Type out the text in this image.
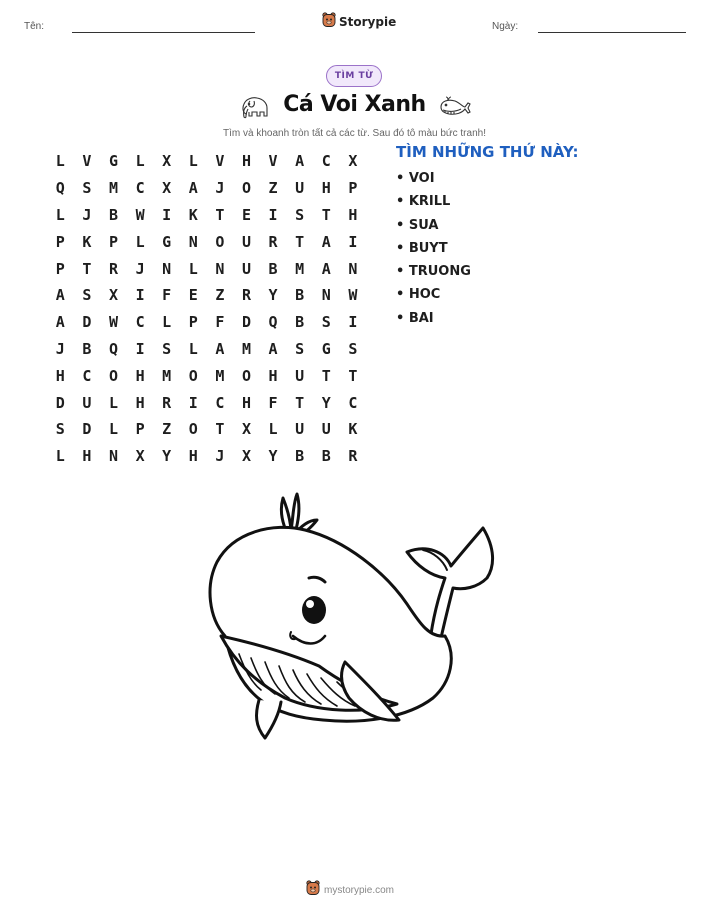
Tên:	Storypie	Ngày:
TÌM TỪ
Cá Voi Xanh
Tìm và khoanh tròn tất cả các từ. Sau đó tô màu bức tranh!
L	V	G	L	X	L	V	H	V	A	C	X
Q	S	M	C	X	A	J	O	Z	U	H	P
L	J	B	W	I	K	T	E	I	S	T	H
P	K	P	L	G	N	O	U	R	T	A	I
P	T	R	J	N	L	N	U	B	M	A	N
A	S	X	I	F	E	Z	R	Y	B	N	W
A	D	W	C	L	P	F	D	Q	B	S	I
J	B	Q	I	S	L	A	M	A	S	G	S
H	C	O	H	M	O	M	O	H	U	T	T
D	U	L	H	R	I	C	H	F	T	Y	C
S	D	L	P	Z	O	T	X	L	U	U	K
L	H	N	X	Y	H	J	X	Y	B	B	R
TÌM NHỮNG THỨ NÀY:
• VOI
• KRILL
• SUA
• BUYT
• TRUONG
• HOC
• BAI
mystorypie.com
